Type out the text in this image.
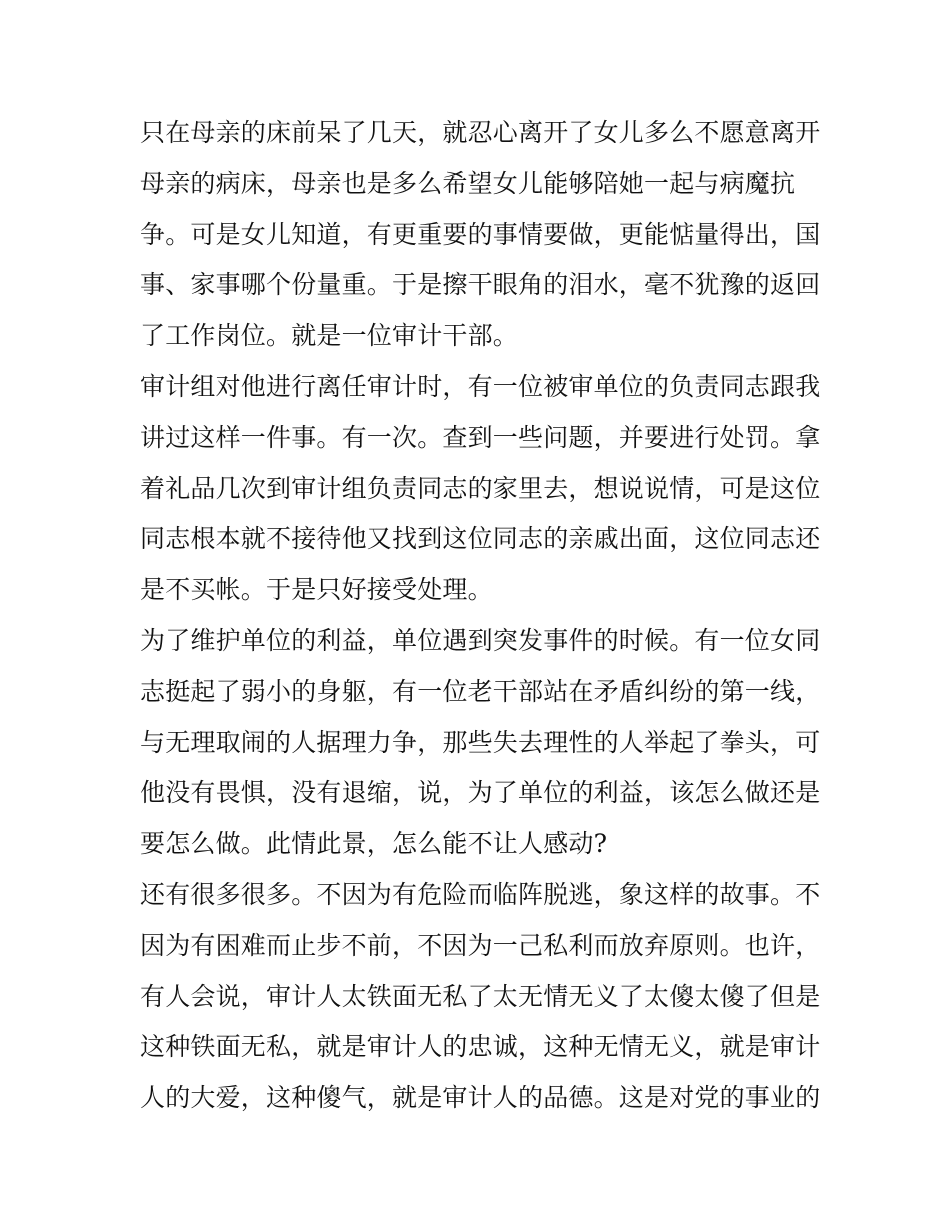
只在母亲的床前呆了几天，就忍心离开了女儿多么不愿意离开
母亲的病床，母亲也是多么希望女儿能够陪她一起与病魔抗
争。可是女儿知道，有更重要的事情要做，更能惦量得出，国
事、家事哪个份量重。于是擦干眼角的泪水，毫不犹豫的返回
了工作岗位。就是一位审计干部。
审计组对他进行离任审计时，有一位被审单位的负责同志跟我
讲过这样一件事。有一次。查到一些问题，并要进行处罚。拿
着礼品几次到审计组负责同志的家里去，想说说情，可是这位
同志根本就不接待他又找到这位同志的亲戚出面，这位同志还
是不买帐。于是只好接受处理。
为了维护单位的利益，单位遇到突发事件的时候。有一位女同
志挺起了弱小的身躯，有一位老干部站在矛盾纠纷的第一线，
与无理取闹的人据理力争，那些失去理性的人举起了拳头，可
他没有畏惧，没有退缩，说，为了单位的利益，该怎么做还是
要怎么做。此情此景，怎么能不让人感动?
还有很多很多。不因为有危险而临阵脱逃，象这样的故事。不
因为有困难而止步不前，不因为一己私利而放弃原则。也许，
有人会说，审计人太铁面无私了太无情无义了太傻太傻了但是
这种铁面无私，就是审计人的忠诚，这种无情无义，就是审计
人的大爱，这种傻气，就是审计人的品德。这是对党的事业的
